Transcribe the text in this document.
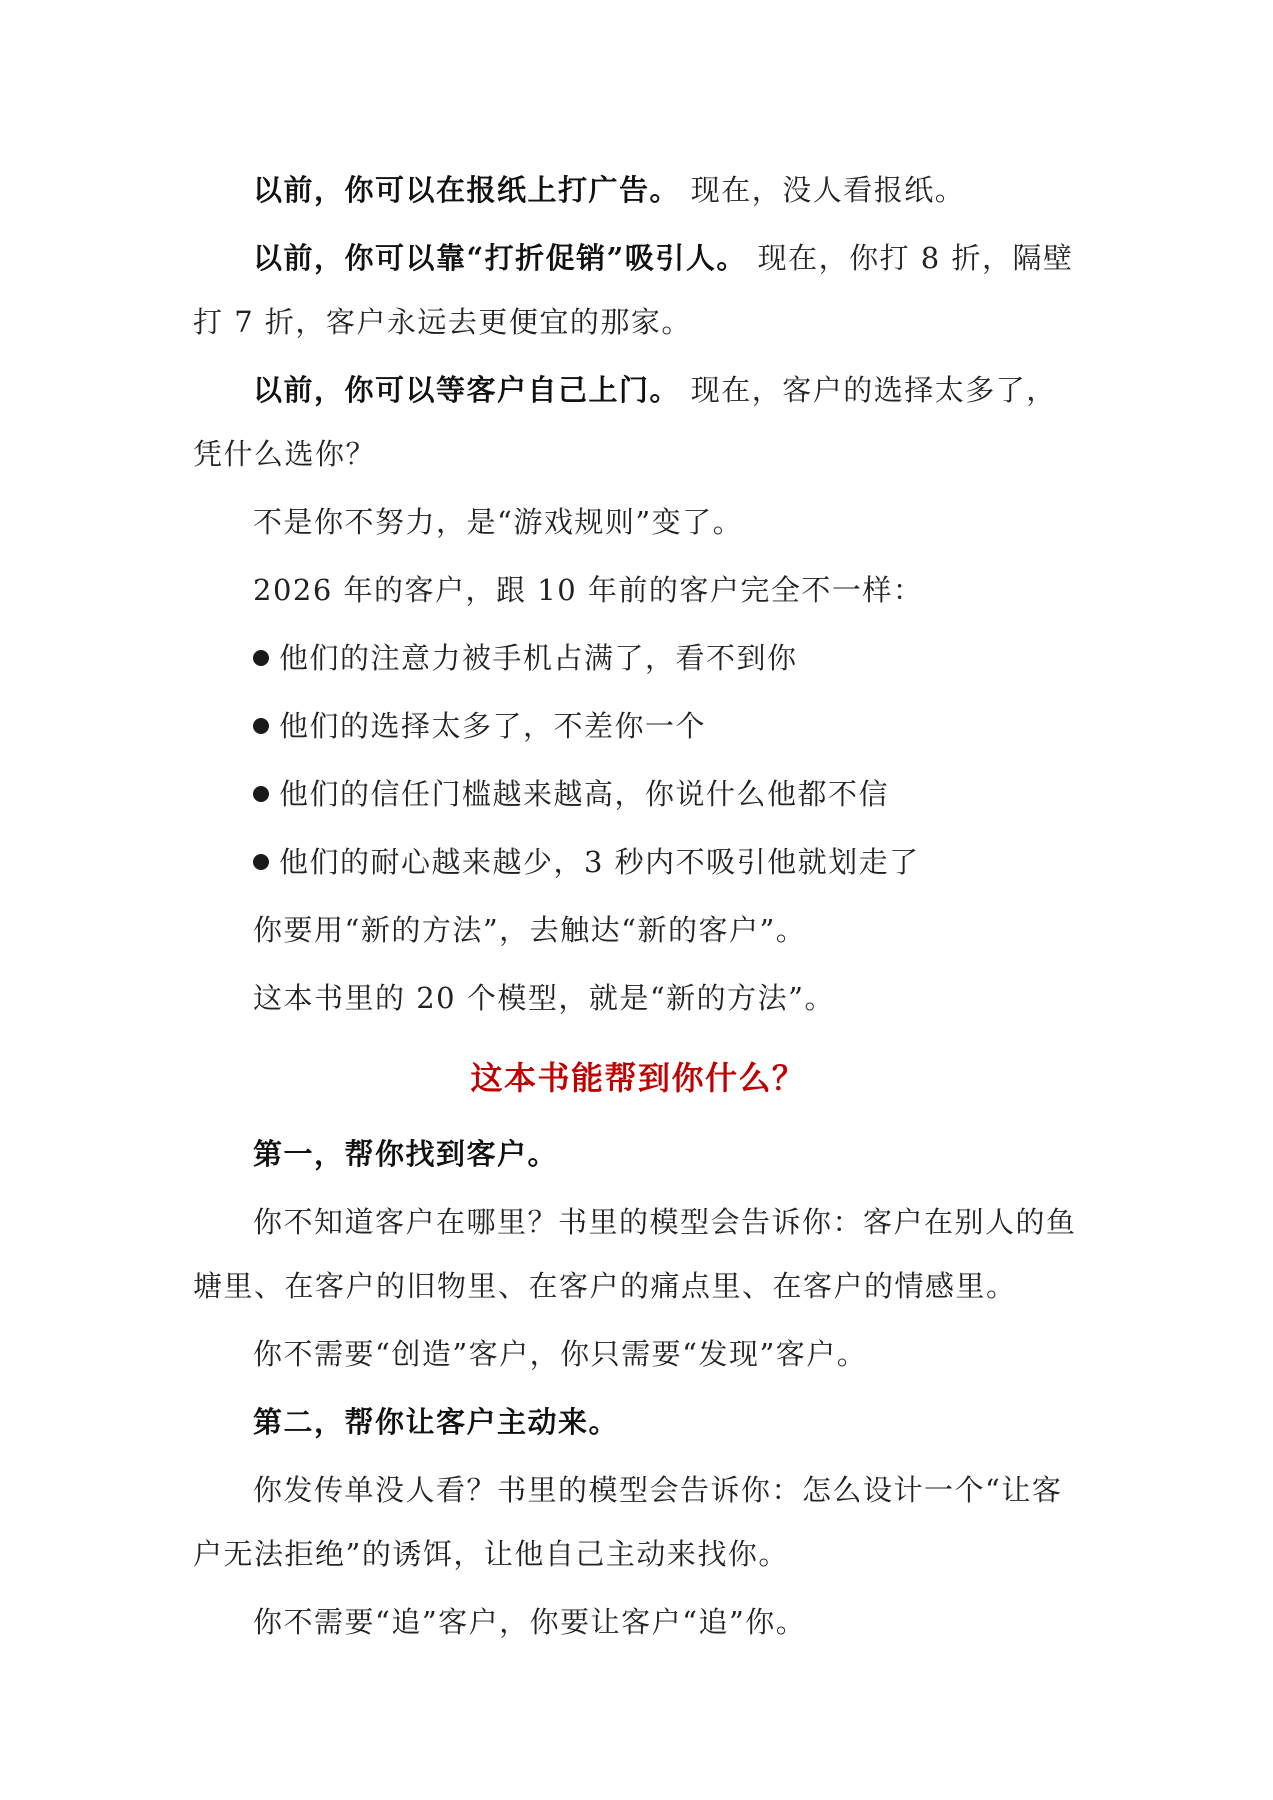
以前，你可以在报纸上打广告。 现在，没人看报纸。

以前，你可以靠“打折促销”吸引人。 现在，你打 8 折，隔壁打 7 折，客户永远去更便宜的那家。

以前，你可以等客户自己上门。 现在，客户的选择太多了，凭什么选你？

不是你不努力，是“游戏规则”变了。

2026 年的客户，跟 10 年前的客户完全不一样：

他们的注意力被手机占满了，看不到你

他们的选择太多了，不差你一个

他们的信任门槛越来越高，你说什么他都不信

他们的耐心越来越少，3 秒内不吸引他就划走了

你要用“新的方法”，去触达“新的客户”。

这本书里的 20 个模型，就是“新的方法”。

这本书能帮到你什么？

第一，帮你找到客户。

你不知道客户在哪里？书里的模型会告诉你：客户在别人的鱼塘里、在客户的旧物里、在客户的痛点里、在客户的情感里。

你不需要“创造”客户，你只需要“发现”客户。

第二，帮你让客户主动来。

你发传单没人看？书里的模型会告诉你：怎么设计一个“让客户无法拒绝”的诱饵，让他自己主动来找你。

你不需要“追”客户，你要让客户“追”你。
